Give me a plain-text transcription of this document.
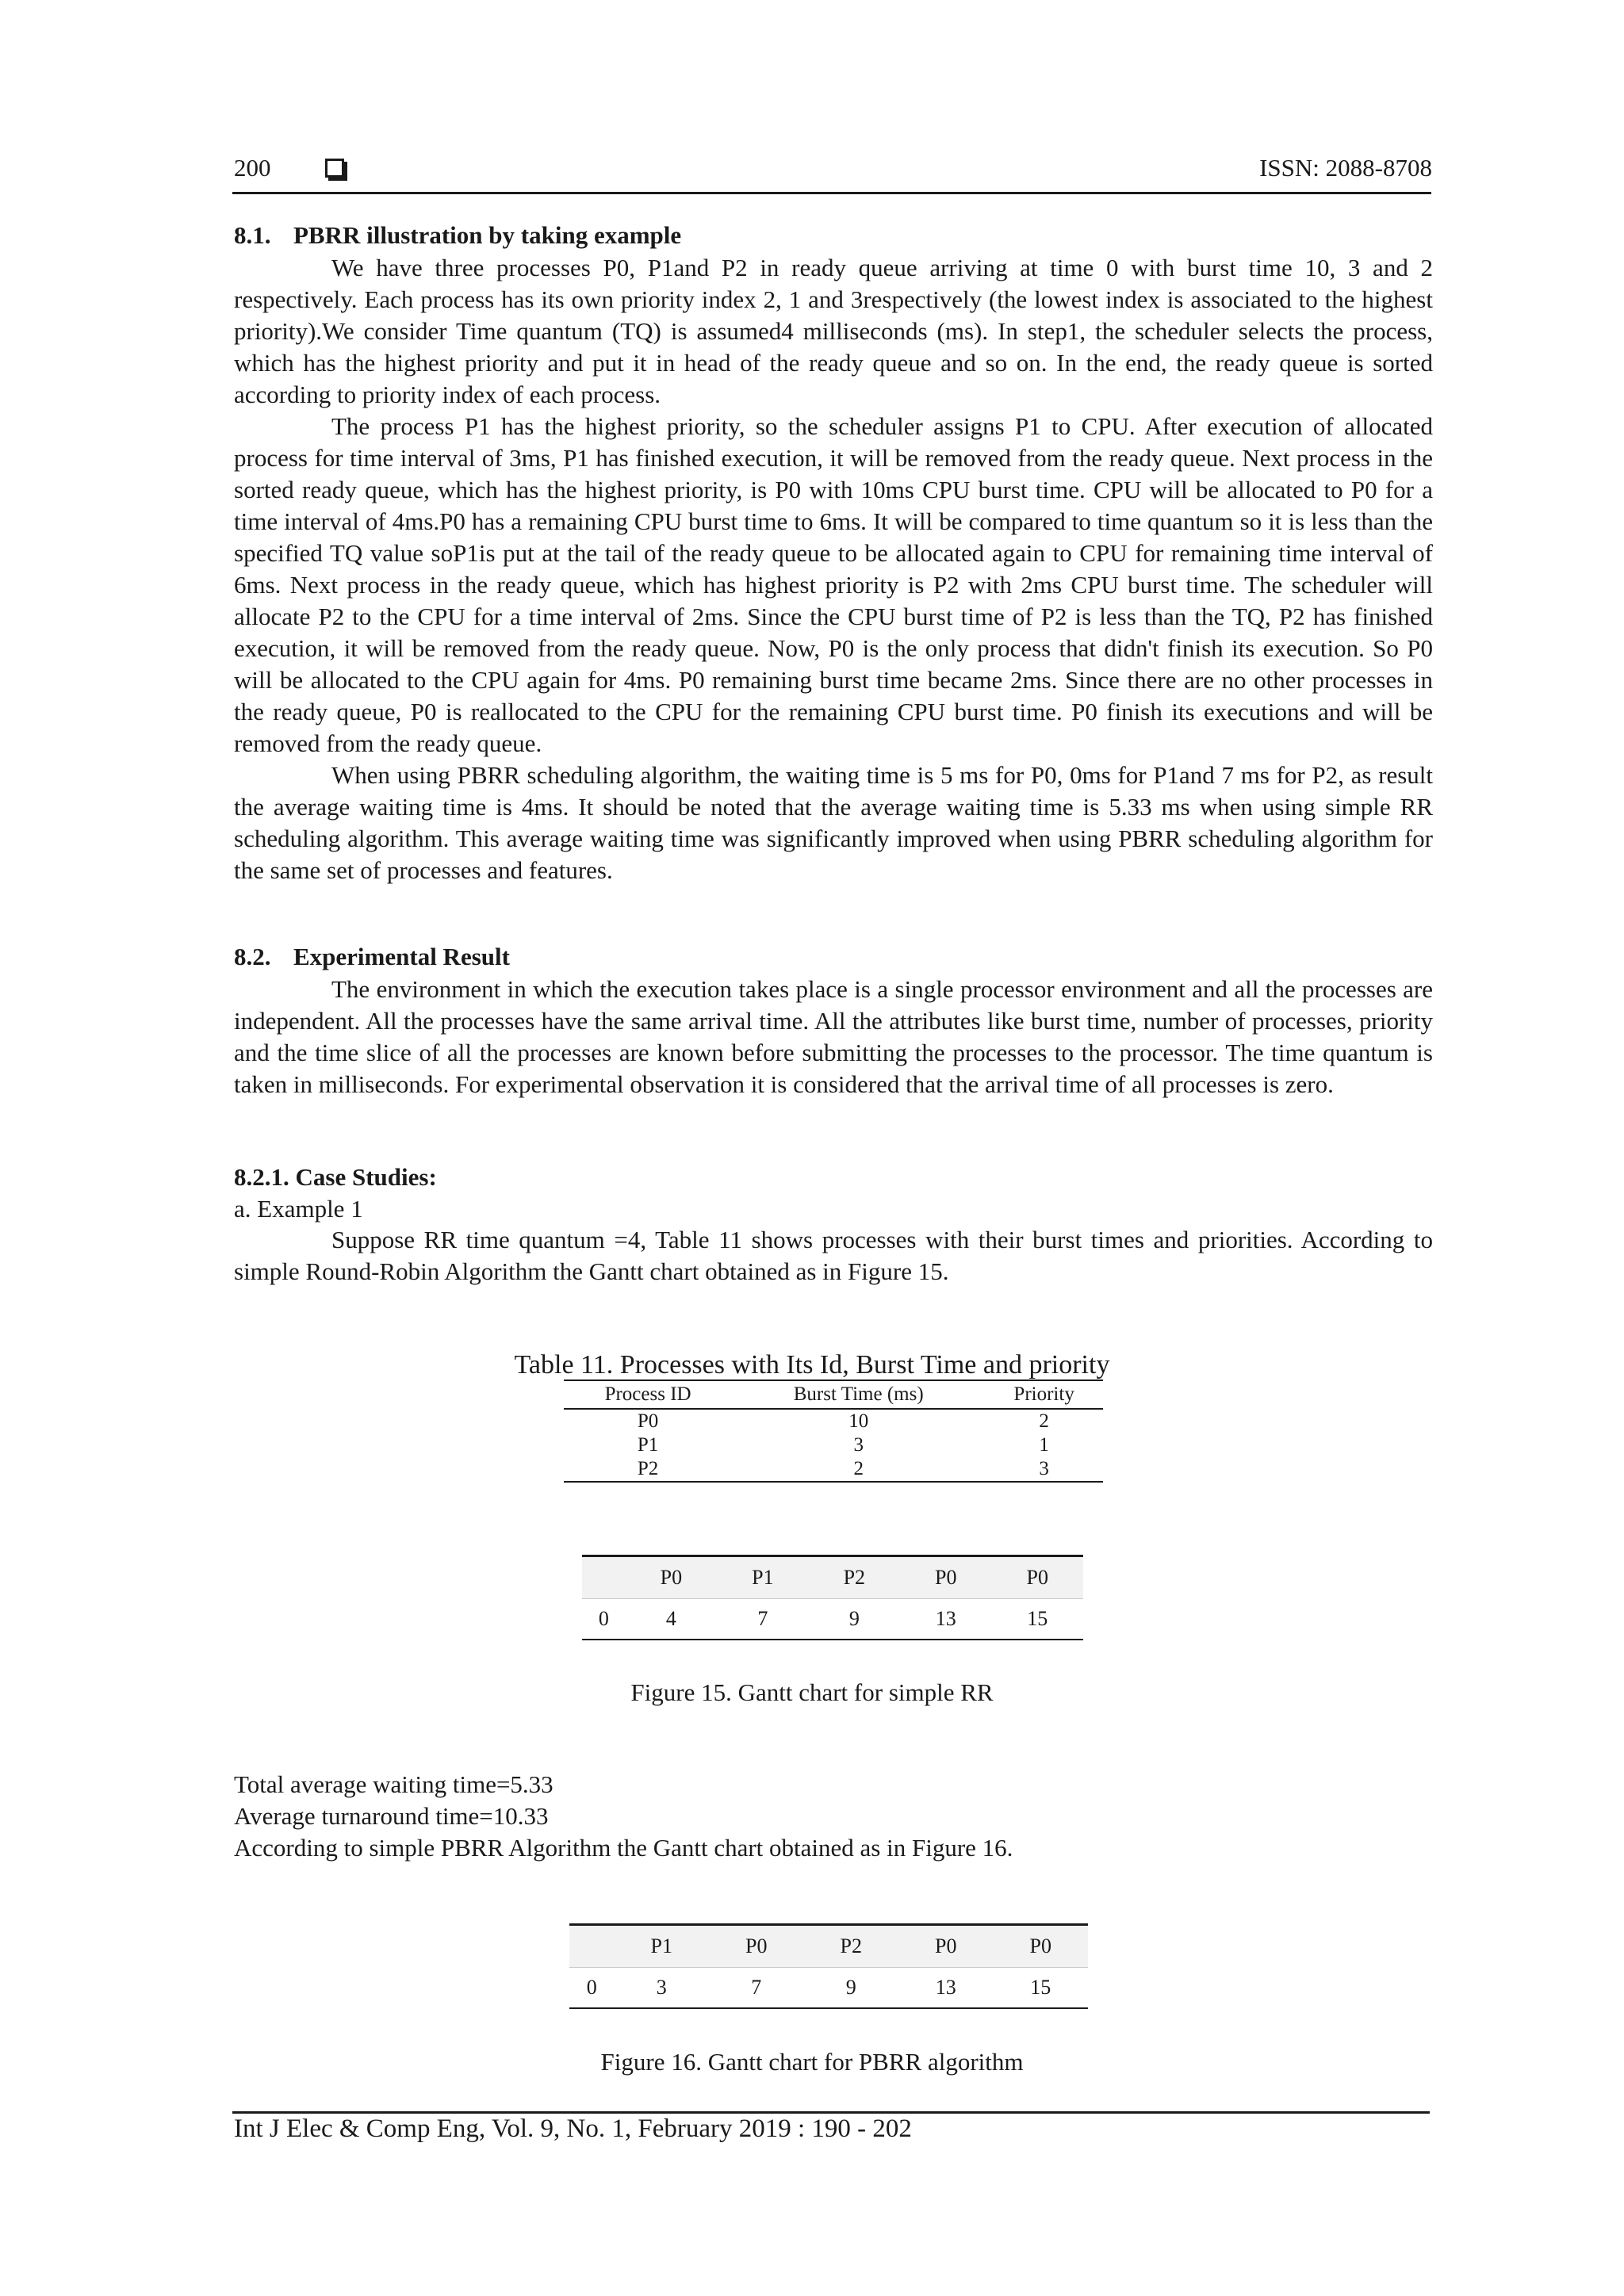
200	ISSN: 2088-8708
8.1. PBRR illustration by taking example

We have three processes P0, P1and P2 in ready queue arriving at time 0 with burst time 10, 3 and 2 respectively. Each process has its own priority index 2, 1 and 3respectively (the lowest index is associated to the highest priority).We consider Time quantum (TQ) is assumed4 milliseconds (ms). In step1, the scheduler selects the process, which has the highest priority and put it in head of the ready queue and so on. In the end, the ready queue is sorted according to priority index of each process.

The process P1 has the highest priority, so the scheduler assigns P1 to CPU. After execution of allocated process for time interval of 3ms, P1 has finished execution, it will be removed from the ready queue. Next process in the sorted ready queue, which has the highest priority, is P0 with 10ms CPU burst time. CPU will be allocated to P0 for a time interval of 4ms.P0 has a remaining CPU burst time to 6ms. It will be compared to time quantum so it is less than the specified TQ value soP1is put at the tail of the ready queue to be allocated again to CPU for remaining time interval of 6ms. Next process in the ready queue, which has highest priority is P2 with 2ms CPU burst time. The scheduler will allocate P2 to the CPU for a time interval of 2ms. Since the CPU burst time of P2 is less than the TQ, P2 has finished execution, it will be removed from the ready queue. Now, P0 is the only process that didn't finish its execution. So P0 will be allocated to the CPU again for 4ms. P0 remaining burst time became 2ms. Since there are no other processes in the ready queue, P0 is reallocated to the CPU for the remaining CPU burst time. P0 finish its executions and will be removed from the ready queue.

When using PBRR scheduling algorithm, the waiting time is 5 ms for P0, 0ms for P1and 7 ms for P2, as result the average waiting time is 4ms. It should be noted that the average waiting time is 5.33 ms when using simple RR scheduling algorithm. This average waiting time was significantly improved when using PBRR scheduling algorithm for the same set of processes and features.

8.2. Experimental Result

The environment in which the execution takes place is a single processor environment and all the processes are independent. All the processes have the same arrival time. All the attributes like burst time, number of processes, priority and the time slice of all the processes are known before submitting the processes to the processor. The time quantum is taken in milliseconds. For experimental observation it is considered that the arrival time of all processes is zero.

8.2.1. Case Studies:
a. Example 1

Suppose RR time quantum =4, Table 11 shows processes with their burst times and priorities. According to simple Round-Robin Algorithm the Gantt chart obtained as in Figure 15.

Table 11. Processes with Its Id, Burst Time and priority
Process ID	Burst Time (ms)	Priority
P0	10	2
P1	3	1
P2	2	3
	P0	P1	P2	P0	P0
0	4	7	9	13	15
Figure 15. Gantt chart for simple RR
Total average waiting time=5.33
Average turnaround time=10.33
According to simple PBRR Algorithm the Gantt chart obtained as in Figure 16.
	P1	P0	P2	P0	P0
0	3	7	9	13	15
Figure 16. Gantt chart for PBRR algorithm
Int J Elec & Comp Eng, Vol. 9, No. 1, February 2019 : 190 - 202
